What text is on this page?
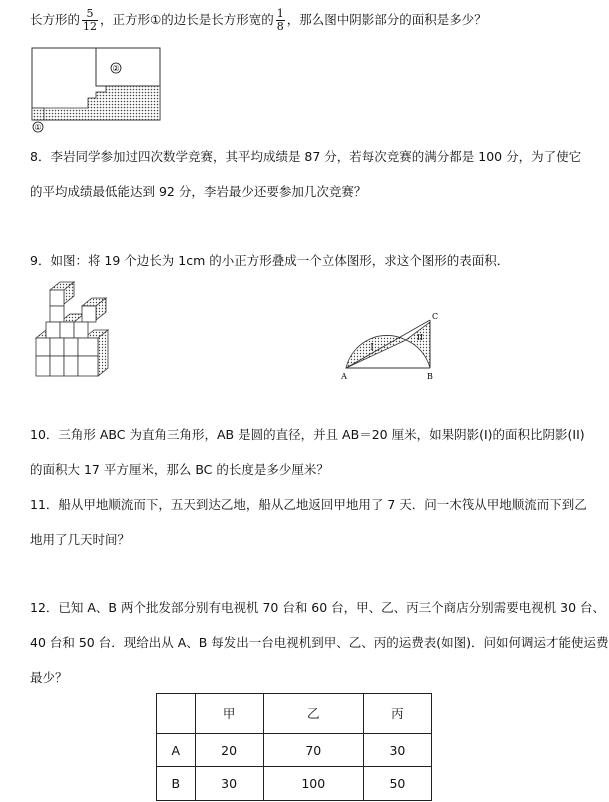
长方形的 $\frac{5}{12}$ ，正方形①的边长是长方形宽的 $\frac{1}{8}$ ，那么图中阴影部分的面积是多少？
①
②
8．李岩同学参加过四次数学竞赛，其平均成绩是 87 分，若每次竞赛的满分都是 100 分，为了使它
的平均成绩最低能达到 92 分，李岩最少还要参加几次竞赛？
9．如图：将 19 个边长为 1cm 的小正方形叠成一个立体图形，求这个图形的表面积．
A	B
C
I
II
10．三角形 ABC 为直角三角形，AB 是圆的直径，并且 AB＝20 厘米，如果阴影(I)的面积比阴影(II)
的面积大 17 平方厘米，那么 BC 的长度是多少厘米？
11．船从甲地顺流而下，五天到达乙地，船从乙地返回甲地用了 7 天．问一木筏从甲地顺流而下到乙
地用了几天时间？
12．已知 A、B 两个批发部分别有电视机 70 台和 60 台，甲、乙、丙三个商店分别需要电视机 30 台、
40 台和 50 台．现给出从 A、B 每发出一台电视机到甲、乙、丙的运费表(如图)．问如何调运才能使运费
最少？
	甲	乙	丙
A	20	70	30
B	30	100	50
